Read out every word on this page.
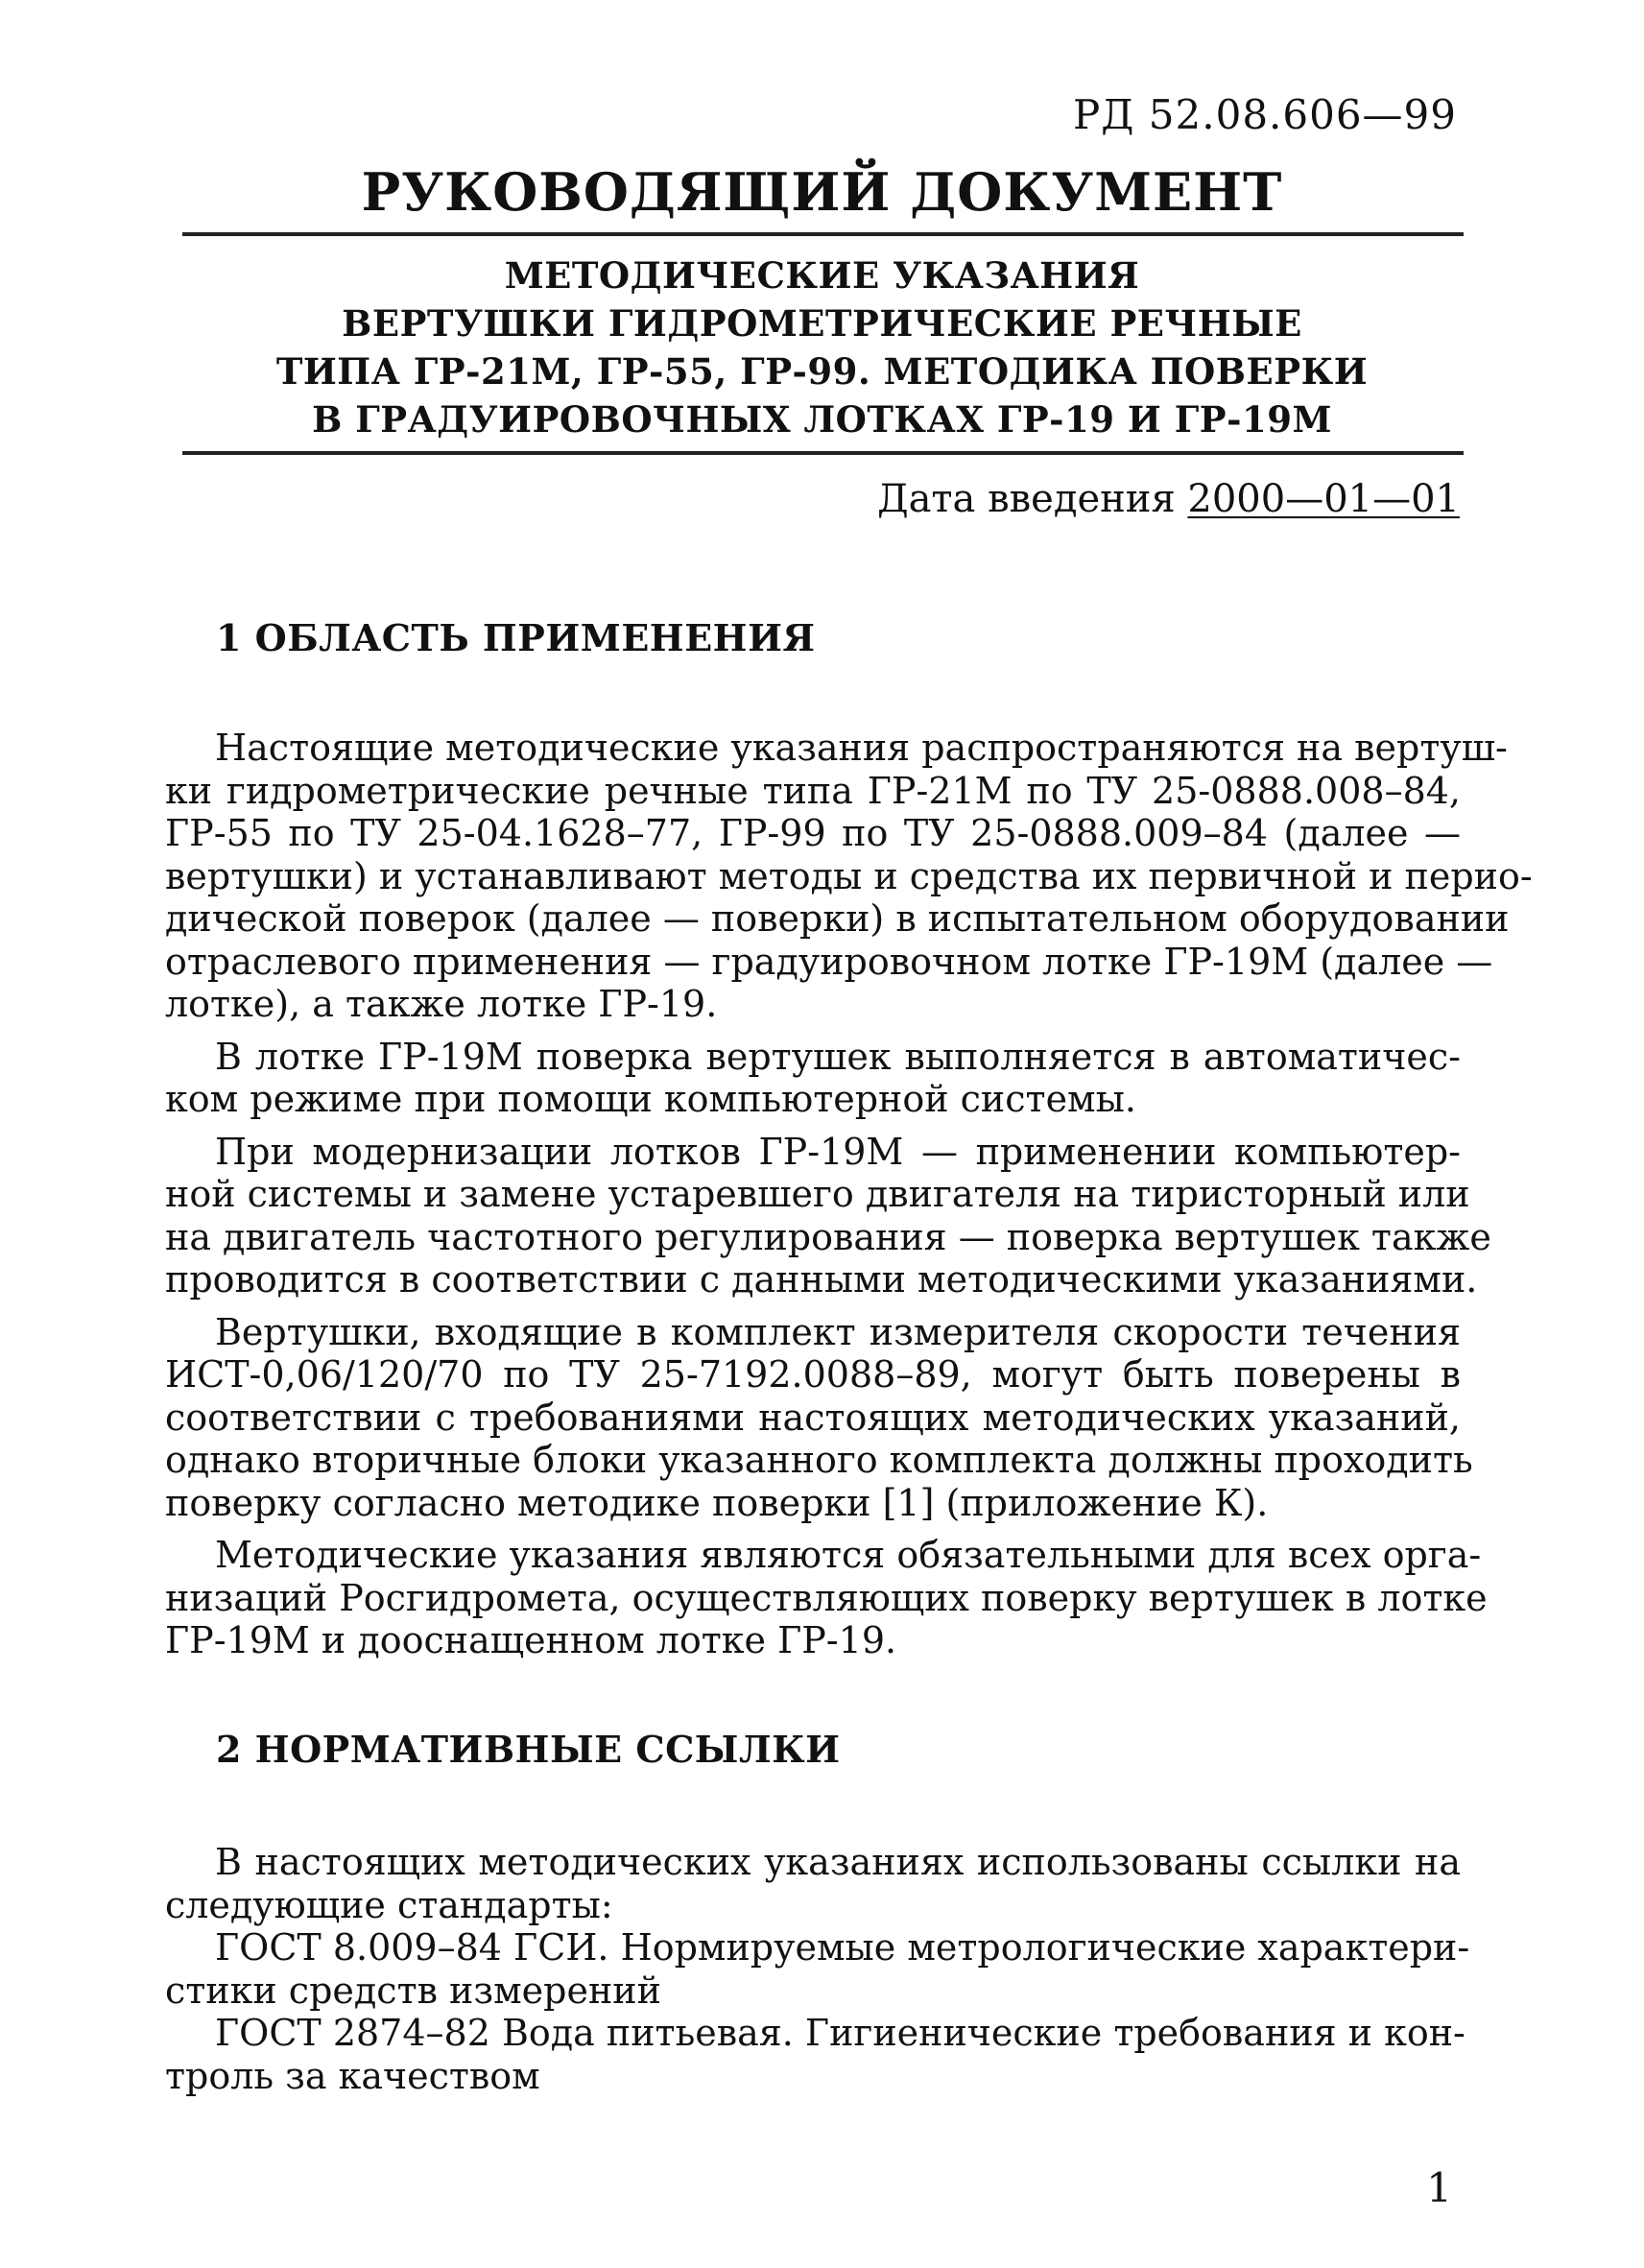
РД 52.08.606—99
РУКОВОДЯЩИЙ ДОКУМЕНТ
МЕТОДИЧЕСКИЕ УКАЗАНИЯ
ВЕРТУШКИ ГИДРОМЕТРИЧЕСКИЕ РЕЧНЫЕ
ТИПА ГР-21М, ГР-55, ГР-99. МЕТОДИКА ПОВЕРКИ
В ГРАДУИРОВОЧНЫХ ЛОТКАХ ГР-19 И ГР-19М
Дата введения 2000—01—01
1 ОБЛАСТЬ ПРИМЕНЕНИЯ
Настоящие методические указания распространяются на вертуш-
ки гидрометрические речные типа ГР-21М по ТУ 25-0888.008–84,
ГР-55 по ТУ 25-04.1628–77, ГР-99 по ТУ 25-0888.009–84 (далее —
вертушки) и устанавливают методы и средства их первичной и перио-
дической поверок (далее — поверки) в испытательном оборудовании
отраслевого применения — градуировочном лотке ГР-19М (далее —
лотке), а также лотке ГР-19.
В лотке ГР-19М поверка вертушек выполняется в автоматичес-
ком режиме при помощи компьютерной системы.
При модернизации лотков ГР-19М — применении компьютер-
ной системы и замене устаревшего двигателя на тиристорный или
на двигатель частотного регулирования — поверка вертушек также
проводится в соответствии с данными методическими указаниями.
Вертушки, входящие в комплект измерителя скорости течения
ИСТ-0,06/120/70 по ТУ 25-7192.0088–89, могут быть поверены в
соответствии с требованиями настоящих методических указаний,
однако вторичные блоки указанного комплекта должны проходить
поверку согласно методике поверки [1] (приложение К).
Методические указания являются обязательными для всех орга-
низаций Росгидромета, осуществляющих поверку вертушек в лотке
ГР-19М и дооснащенном лотке ГР-19.
2 НОРМАТИВНЫЕ ССЫЛКИ
В настоящих методических указаниях использованы ссылки на
следующие стандарты:
ГОСТ 8.009–84 ГСИ. Нормируемые метрологические характери-
стики средств измерений
ГОСТ 2874–82 Вода питьевая. Гигиенические требования и кон-
троль за качеством
1
